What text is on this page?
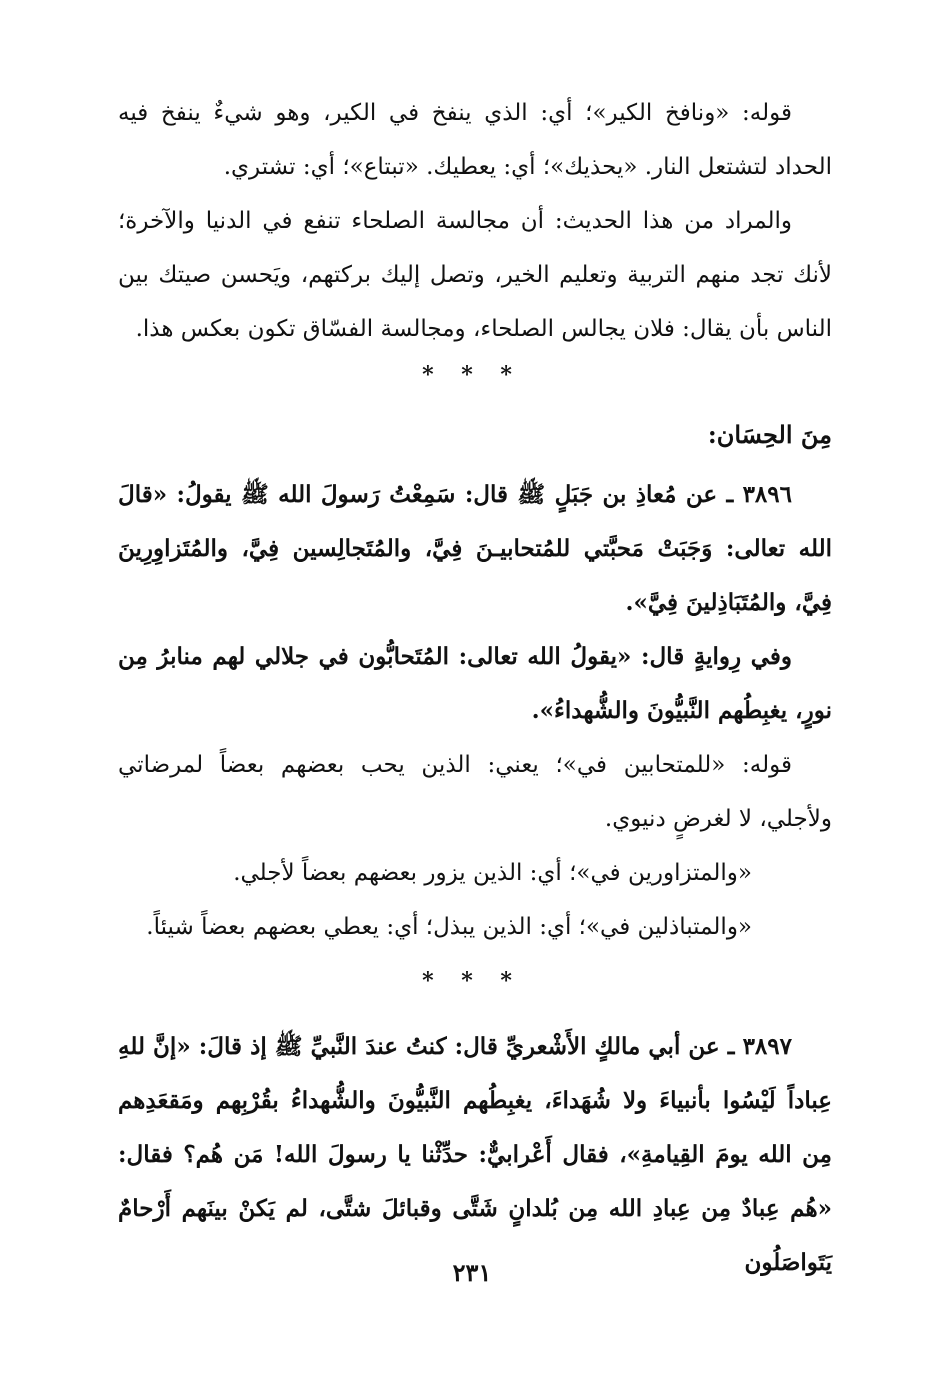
قوله: «ونافخ الكير»؛ أي: الذي ينفخ في الكير، وهو شيءٌ ينفخ فيه الحداد لتشتعل النار. «يحذيك»؛ أي: يعطيك. «تبتاع»؛ أي: تشتري.

والمراد من هذا الحديث: أن مجالسة الصلحاء تنفع في الدنيا والآخرة؛ لأنك تجد منهم التربية وتعليم الخير، وتصل إليك بركتهم، ويَحسن صيتك بين الناس بأن يقال: فلان يجالس الصلحاء، ومجالسة الفسّاق تكون بعكس هذا.

* * *
مِنَ الحِسَان:

٣٨٩٦ ـ عن مُعاذِ بن جَبَلٍ ﷺ قال: سَمِعْتُ رَسولَ الله ﷺ يقولُ: «قالَ الله تعالى: وَجَبَتْ مَحبَّتي للمُتحابيـنَ فِيَّ، والمُتَجالِسين فِيَّ، والمُتَزاوِرِينَ فِيَّ، والمُتَبَاذِلينَ فِيَّ».

وفي رِوايةٍ قال: «يقولُ الله تعالى: المُتَحابُّون في جلالي لهم منابرُ مِن نورٍ، يغبِطُهم النَّبيُّونَ والشُّهداءُ».

قوله: «للمتحابين في»؛ يعني: الذين يحب بعضهم بعضاً لمرضاتي ولأجلي، لا لغرضٍ دنيوي.

«والمتزاورين في»؛ أي: الذين يزور بعضهم بعضاً لأجلي.

«والمتباذلين في»؛ أي: الذين يبذل؛ أي: يعطي بعضهم بعضاً شيئاً.

* * *

٣٨٩٧ ـ عن أبي مالكٍ الأَشْعريِّ قال: كنتُ عندَ النَّبيِّ ﷺ إذ قالَ: «إنَّ للهِ عِباداً لَيْسُوا بأنبياءَ ولا شُهَداءَ، يغبِطُهم النَّبيُّونَ والشُّهداءُ بقُرْبِهم ومَقعَدِهم مِن الله يومَ القِيامةِ»، فقال أَعْرابيٌّ: حدِّثْنا يا رسولَ الله! مَن هُم؟ فقال: «هُم عِبادٌ مِن عِبادِ الله مِن بُلدانٍ شَتَّى وقبائلَ شتَّى، لم يَكنْ بينَهم أَرْحامٌ يَتَواصَلُون

٢٣١
